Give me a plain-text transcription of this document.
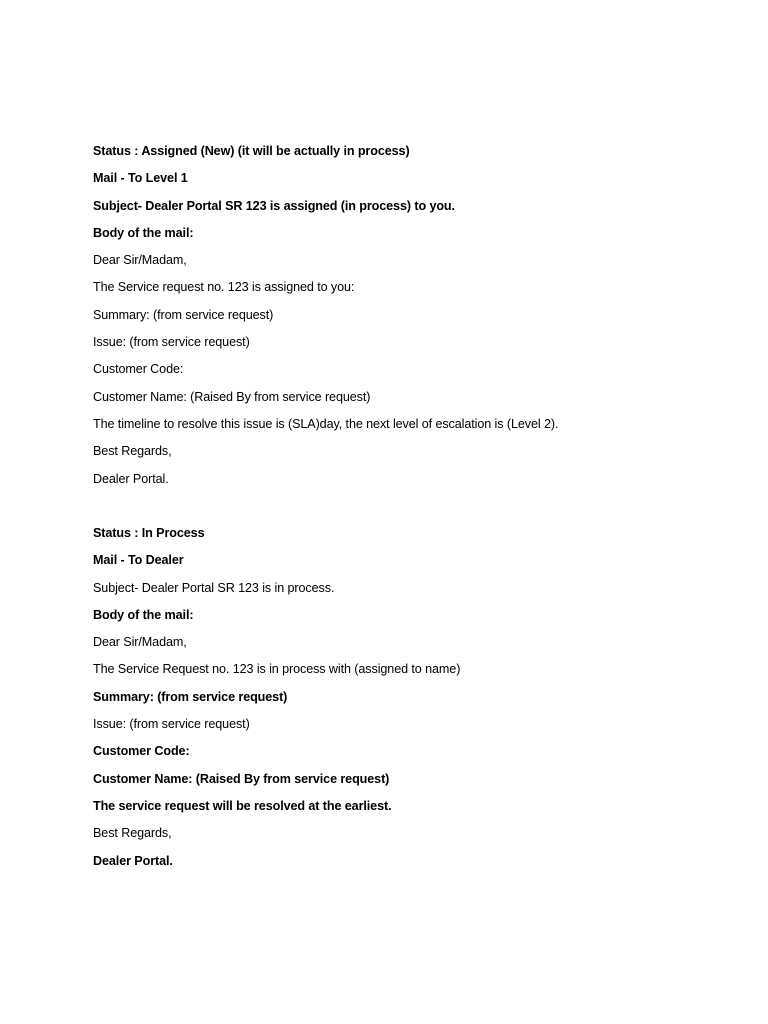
Status : Assigned (New) (it will be actually in process)
Mail - To Level 1
Subject- Dealer Portal SR 123 is assigned (in process) to you.
Body of the mail:
Dear Sir/Madam,
The Service request no. 123 is assigned to you:
Summary: (from service request)
Issue: (from service request)
Customer Code:
Customer Name: (Raised By from service request)
The timeline to resolve this issue is (SLA)day, the next level of escalation is (Level 2).
Best Regards,
Dealer Portal.
Status : In Process
Mail - To Dealer
Subject- Dealer Portal SR 123 is in process.
Body of the mail:
Dear Sir/Madam,
The Service Request no. 123 is in process with (assigned to name)
Summary: (from service request)
Issue: (from service request)
Customer Code:
Customer Name: (Raised By from service request)
The service request will be resolved at the earliest.
Best Regards,
Dealer Portal.
